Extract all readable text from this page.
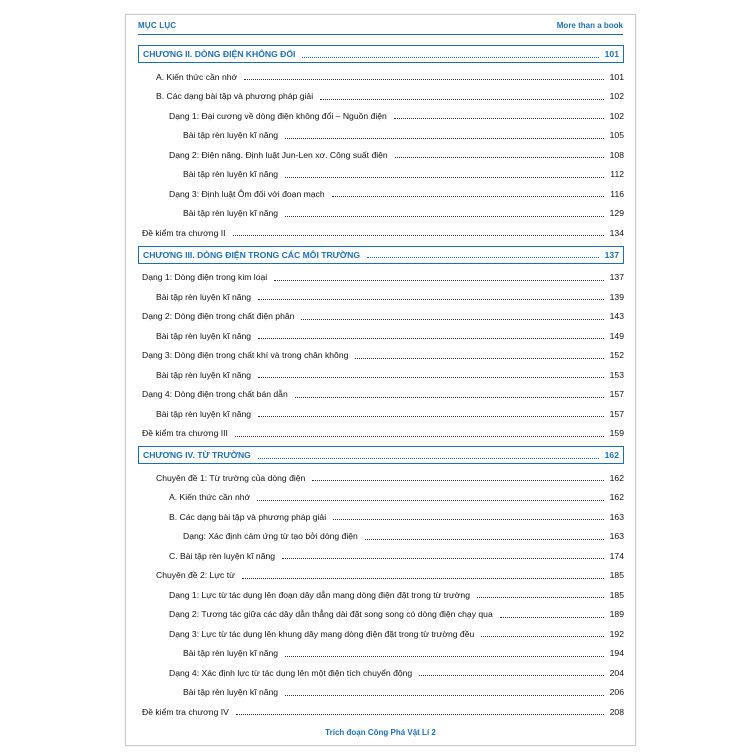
MỤC LỤC	More than a book
CHƯƠNG II. DÒNG ĐIỆN KHÔNG ĐỔI	101
A. Kiến thức cần nhớ	101
B. Các dạng bài tập và phương pháp giải	102
Dạng 1: Đại cương về dòng điện không đổi – Nguồn điện	102
Bài tập rèn luyện kĩ năng	105
Dạng 2: Điện năng. Định luật Jun-Len xơ. Công suất điện	108
Bài tập rèn luyện kĩ năng	112
Dạng 3: Định luật Ôm đối với đoạn mạch	116
Bài tập rèn luyện kĩ năng	129
Đề kiểm tra chương II	134
CHƯƠNG III. DÒNG ĐIỆN TRONG CÁC MÔI TRƯỜNG	137
Dạng 1: Dòng điện trong kim loại	137
Bài tập rèn luyện kĩ năng	139
Dạng 2: Dòng điện trong chất điện phân	143
Bài tập rèn luyện kĩ năng	149
Dạng 3: Dòng điện trong chất khí và trong chân không	152
Bài tập rèn luyện kĩ năng	153
Dạng 4: Dòng điện trong chất bán dẫn	157
Bài tập rèn luyện kĩ năng	157
Đề kiểm tra chương III	159
CHƯƠNG IV. TỪ TRƯỜNG	162
Chuyên đề 1: Từ trường của dòng điện	162
A. Kiến thức cần nhớ	162
B. Các dạng bài tập và phương pháp giải	163
Dạng: Xác định cảm ứng từ tạo bởi dòng điện	163
C. Bài tập rèn luyện kĩ năng	174
Chuyên đề 2: Lực từ	185
Dạng 1: Lực từ tác dụng lên đoạn dây dẫn mang dòng điện đặt trong từ trường	185
Dạng 2: Tương tác giữa các dây dẫn thẳng dài đặt song song có dòng điện chạy qua	189
Dạng 3: Lực từ tác dụng lên khung dây mang dòng điện đặt trong từ trường đều	192
Bài tập rèn luyện kĩ năng	194
Dạng 4: Xác định lực từ tác dụng lên một điện tích chuyển động	204
Bài tập rèn luyện kĩ năng	206
Đề kiểm tra chương IV	208
Trích đoạn Công Phá Vật Lí 2
